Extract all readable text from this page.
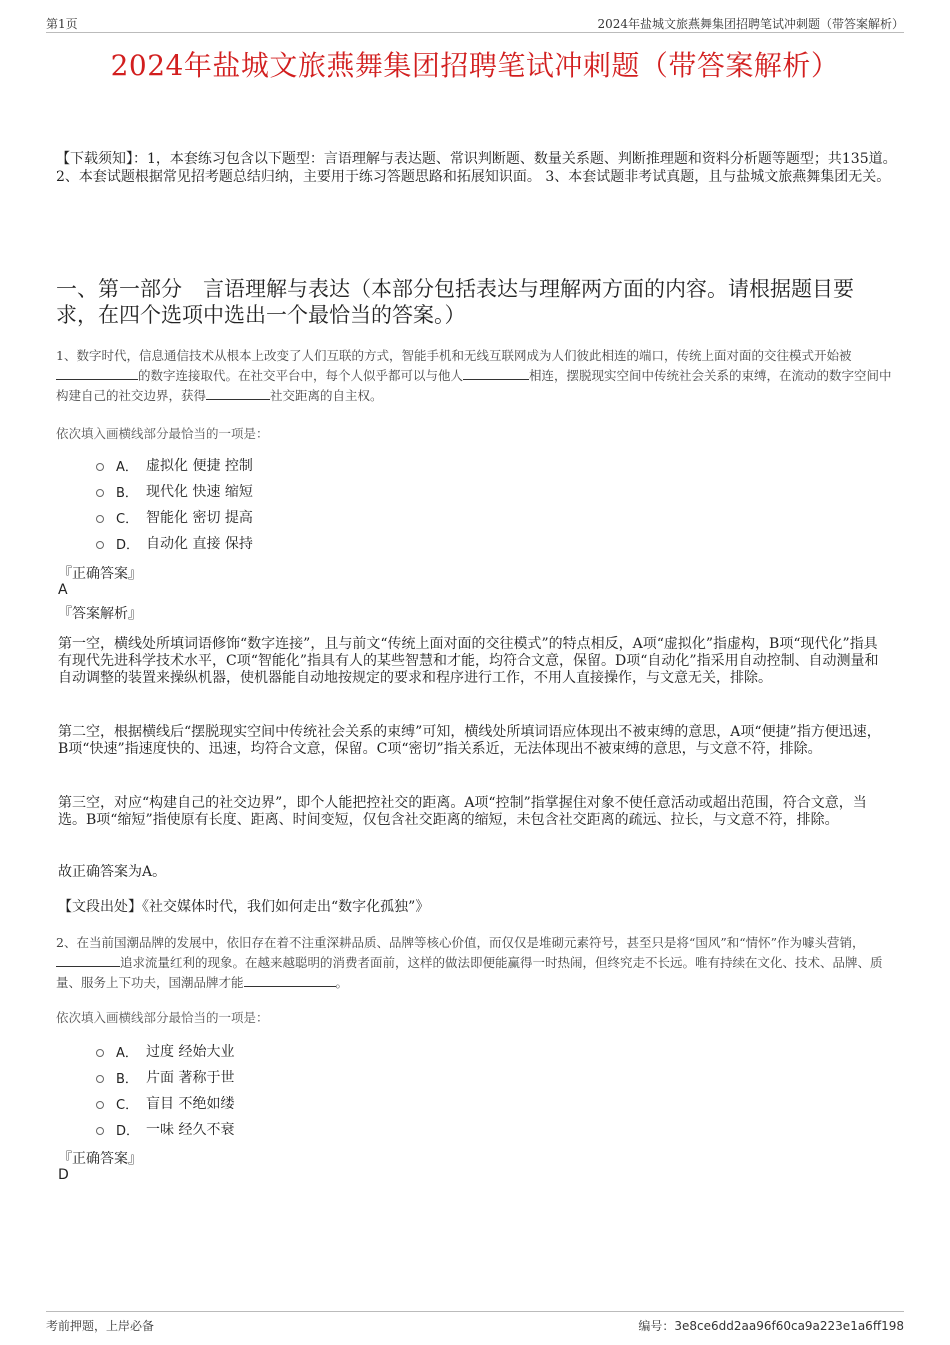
第1页	2024年盐城文旅燕舞集团招聘笔试冲刺题（带答案解析）
2024年盐城文旅燕舞集团招聘笔试冲刺题（带答案解析）
【下载须知】：1，本套练习包含以下题型：言语理解与表达题、常识判断题、数量关系题、判断推理题和资料分析题等题型；共135道。 2、本套试题根据常见招考题总结归纳，主要用于练习答题思路和拓展知识面。 3、本套试题非考试真题，且与盐城文旅燕舞集团无关。
一、第一部分　言语理解与表达（本部分包括表达与理解两方面的内容。请根据题目要求，在四个选项中选出一个最恰当的答案。）
1、数字时代，信息通信技术从根本上改变了人们互联的方式，智能手机和无线互联网成为人们彼此相连的端口，传统上面对面的交往模式开始被的数字连接取代。在社交平台中，每个人似乎都可以与他人	相连，摆脱现实空间中传统社会关系的束缚，在流动的数字空间中构建自己的社交边界，获得	社交距离的自主权。
依次填入画横线部分最恰当的一项是：
A． 虚拟化 便捷 控制
B． 现代化 快速 缩短
C． 智能化 密切 提高
D． 自动化 直接 保持
『正确答案』
A
『答案解析』
第一空，横线处所填词语修饰“数字连接”，且与前文“传统上面对面的交往模式”的特点相反，A项“虚拟化”指虚构，B项“现代化”指具有现代先进科学技术水平，C项“智能化”指具有人的某些智慧和才能，均符合文意，保留。D项“自动化”指采用自动控制、自动测量和自动调整的装置来操纵机器，使机器能自动地按规定的要求和程序进行工作，不用人直接操作，与文意无关，排除。
第二空，根据横线后“摆脱现实空间中传统社会关系的束缚”可知，横线处所填词语应体现出不被束缚的意思，A项“便捷”指方便迅速，B项“快速”指速度快的、迅速，均符合文意，保留。C项“密切”指关系近，无法体现出不被束缚的意思，与文意不符，排除。
第三空，对应“构建自己的社交边界”，即个人能把控社交的距离。A项“控制”指掌握住对象不使任意活动或超出范围，符合文意，当选。B项“缩短”指使原有长度、距离、时间变短，仅包含社交距离的缩短，未包含社交距离的疏远、拉长，与文意不符，排除。
故正确答案为A。
【文段出处】《社交媒体时代，我们如何走出“数字化孤独”》
2、在当前国潮品牌的发展中，依旧存在着不注重深耕品质、品牌等核心价值，而仅仅是堆砌元素符号，甚至只是将“国风”和“情怀”作为噱头营销，追求流量红利的现象。在越来越聪明的消费者面前，这样的做法即便能赢得一时热闹，但终究走不长远。唯有持续在文化、技术、品牌、质量、服务上下功夫，国潮品牌才能	。
依次填入画横线部分最恰当的一项是：
A． 过度 经始大业
B． 片面 著称于世
C． 盲目 不绝如缕
D． 一味 经久不衰
『正确答案』
D
考前押题，上岸必备	编号：3e8ce6dd2aa96f60ca9a223e1a6ff198
